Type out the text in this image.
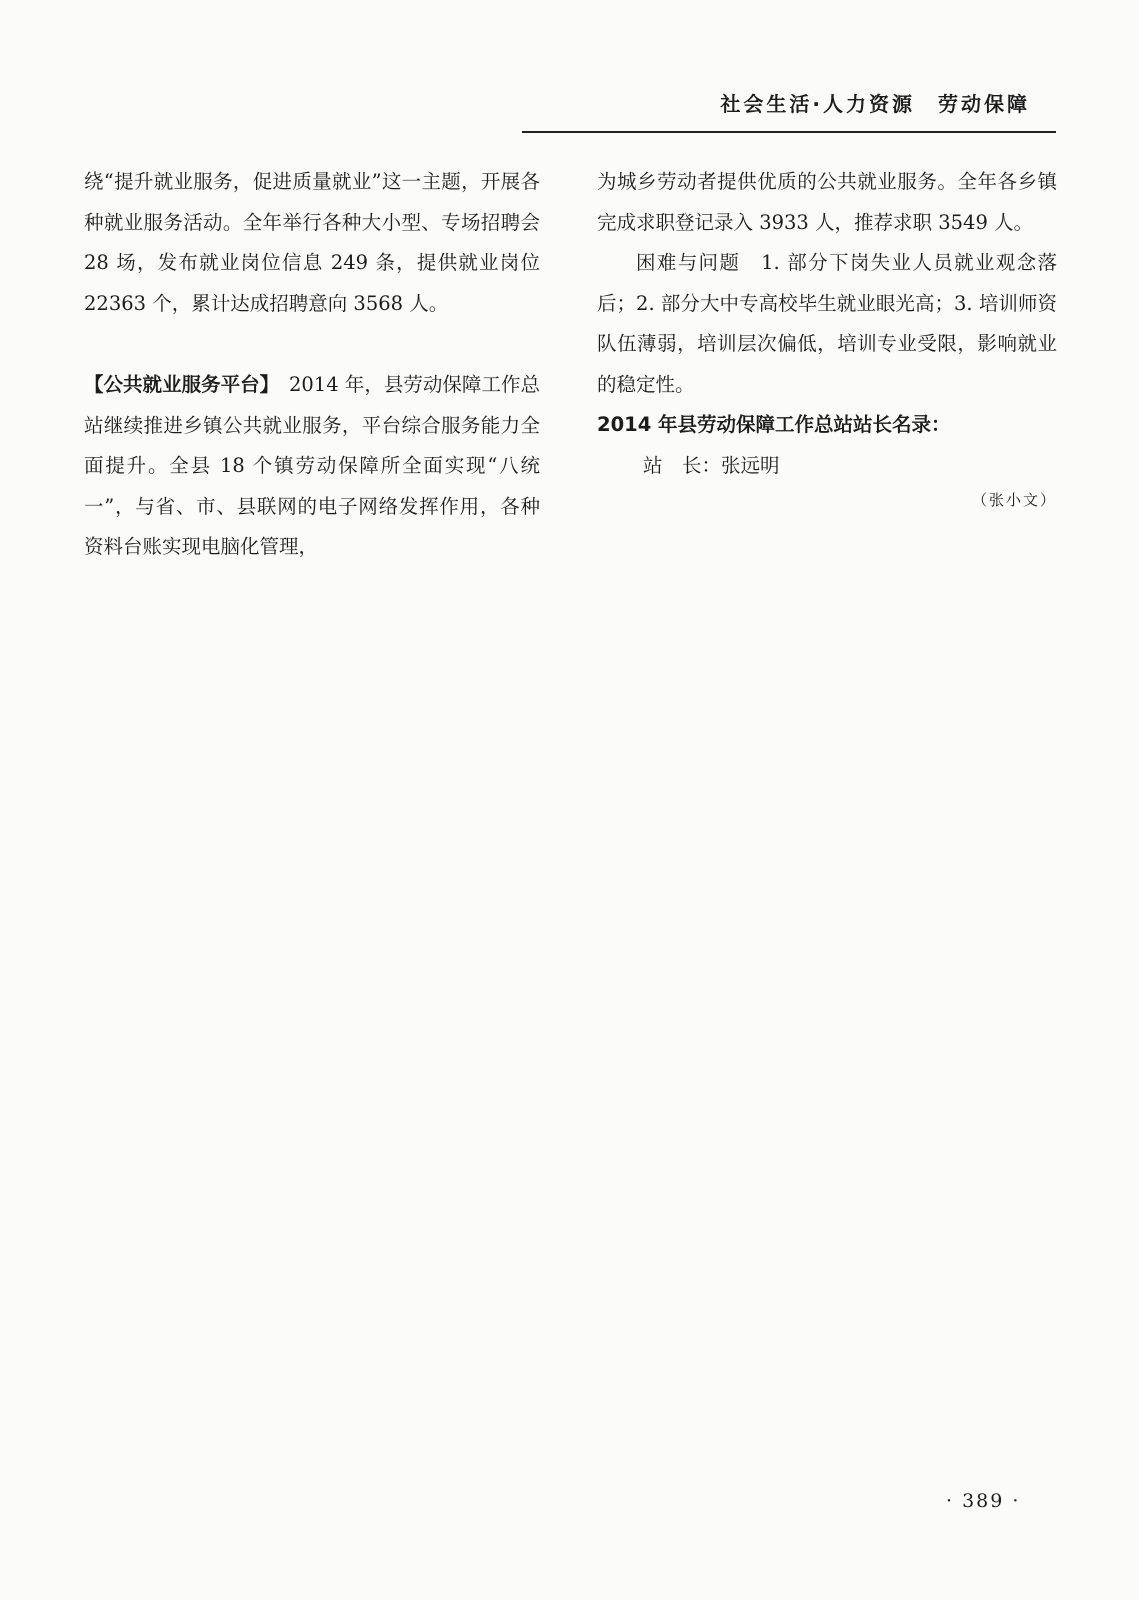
社会生活·人力资源　劳动保障

绕“提升就业服务，促进质量就业”这一主题，开展各种就业服务活动。全年举行各种大小型、专场招聘会 28 场，发布就业岗位信息 249 条，提供就业岗位 22363 个，累计达成招聘意向 3568 人。

【公共就业服务平台】　2014 年，县劳动保障工作总站继续推进乡镇公共就业服务，平台综合服务能力全面提升。全县 18 个镇劳动保障所全面实现“八统一”，与省、市、县联网的电子网络发挥作用，各种资料台账实现电脑化管理，

为城乡劳动者提供优质的公共就业服务。全年各乡镇完成求职登记录入 3933 人，推荐求职 3549 人。

困难与问题　1. 部分下岗失业人员就业观念落后；2. 部分大中专高校毕生就业眼光高；3. 培训师资队伍薄弱，培训层次偏低，培训专业受限，影响就业的稳定性。

2014 年县劳动保障工作总站站长名录：

站　长：张远明

（张小文）

· 389 ·
